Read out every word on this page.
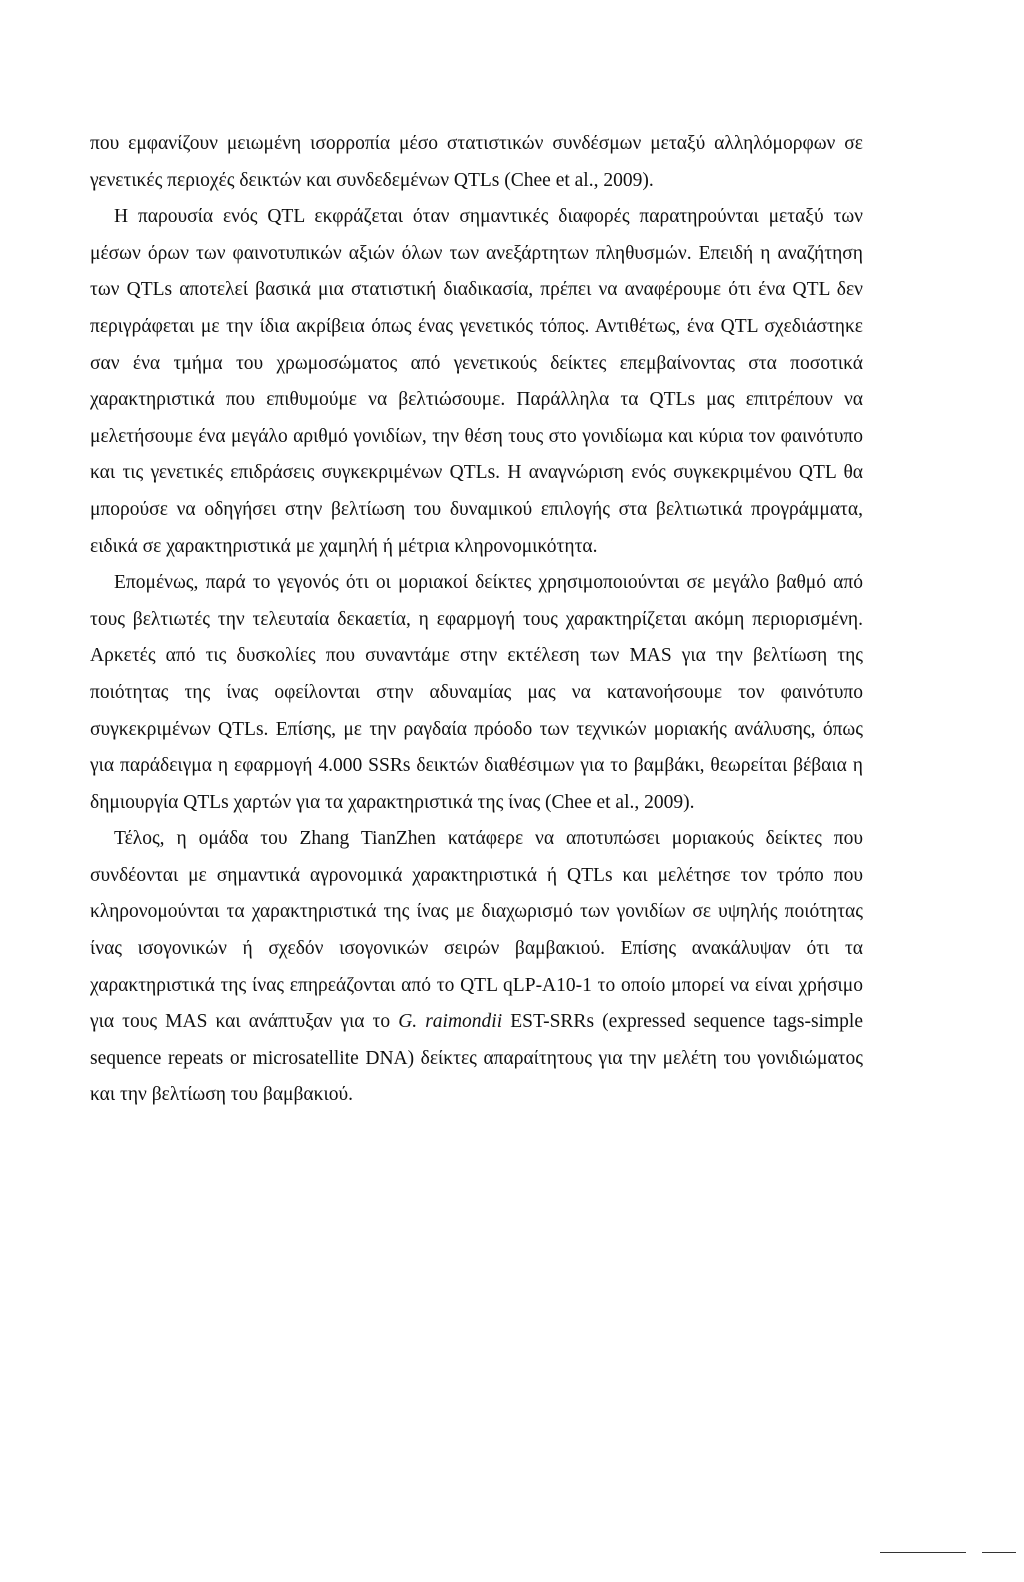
που εμφανίζουν μειωμένη ισορροπία μέσο στατιστικών συνδέσμων μεταξύ αλληλόμορφων σε γενετικές περιοχές δεικτών και συνδεδεμένων QTLs (Chee et al., 2009).

Η παρουσία ενός QTL εκφράζεται όταν σημαντικές διαφορές παρατηρούνται μεταξύ των μέσων όρων των φαινοτυπικών αξιών όλων των ανεξάρτητων πληθυσμών. Επειδή η αναζήτηση των QTLs αποτελεί βασικά μια στατιστική διαδικασία, πρέπει να αναφέρουμε ότι ένα QTL δεν περιγράφεται με την ίδια ακρίβεια όπως ένας γενετικός τόπος. Αντιθέτως, ένα QTL σχεδιάστηκε σαν ένα τμήμα του χρωμοσώματος από γενετικούς δείκτες επεμβαίνοντας στα ποσοτικά χαρακτηριστικά που επιθυμούμε να βελτιώσουμε. Παράλληλα τα QTLs μας επιτρέπουν να μελετήσουμε ένα μεγάλο αριθμό γονιδίων, την θέση τους στο γονιδίωμα και κύρια τον φαινότυπο και τις γενετικές επιδράσεις συγκεκριμένων QTLs. Η αναγνώριση ενός συγκεκριμένου QTL θα μπορούσε να οδηγήσει στην βελτίωση του δυναμικού επιλογής στα βελτιωτικά προγράμματα, ειδικά σε χαρακτηριστικά με χαμηλή ή μέτρια κληρονομικότητα.

Επομένως, παρά το γεγονός ότι οι μοριακοί δείκτες χρησιμοποιούνται σε μεγάλο βαθμό από τους βελτιωτές την τελευταία δεκαετία, η εφαρμογή τους χαρακτηρίζεται ακόμη περιορισμένη. Αρκετές από τις δυσκολίες που συναντάμε στην εκτέλεση των MAS για την βελτίωση της ποιότητας της ίνας οφείλονται στην αδυναμίας μας να κατανοήσουμε τον φαινότυπο συγκεκριμένων QTLs. Επίσης, με την ραγδαία πρόοδο των τεχνικών μοριακής ανάλυσης, όπως για παράδειγμα η εφαρμογή 4.000 SSRs δεικτών διαθέσιμων για το βαμβάκι, θεωρείται βέβαια η δημιουργία QTLs χαρτών για τα χαρακτηριστικά της ίνας (Chee et al., 2009).

Τέλος, η ομάδα του Zhang TianZhen κατάφερε να αποτυπώσει μοριακούς δείκτες που συνδέονται με σημαντικά αγρονομικά χαρακτηριστικά ή QTLs και μελέτησε τον τρόπο που κληρονομούνται τα χαρακτηριστικά της ίνας με διαχωρισμό των γονιδίων σε υψηλής ποιότητας ίνας ισογονικών ή σχεδόν ισογονικών σειρών βαμβακιού. Επίσης ανακάλυψαν ότι τα χαρακτηριστικά της ίνας επηρεάζονται από το QTL qLP-A10-1 το οποίο μπορεί να είναι χρήσιμο για τους MAS και ανάπτυξαν για το G. raimondii EST-SRRs (expressed sequence tags-simple sequence repeats or microsatellite DNA) δείκτες απαραίτητους για την μελέτη του γονιδιώματος και την βελτίωση του βαμβακιού.
